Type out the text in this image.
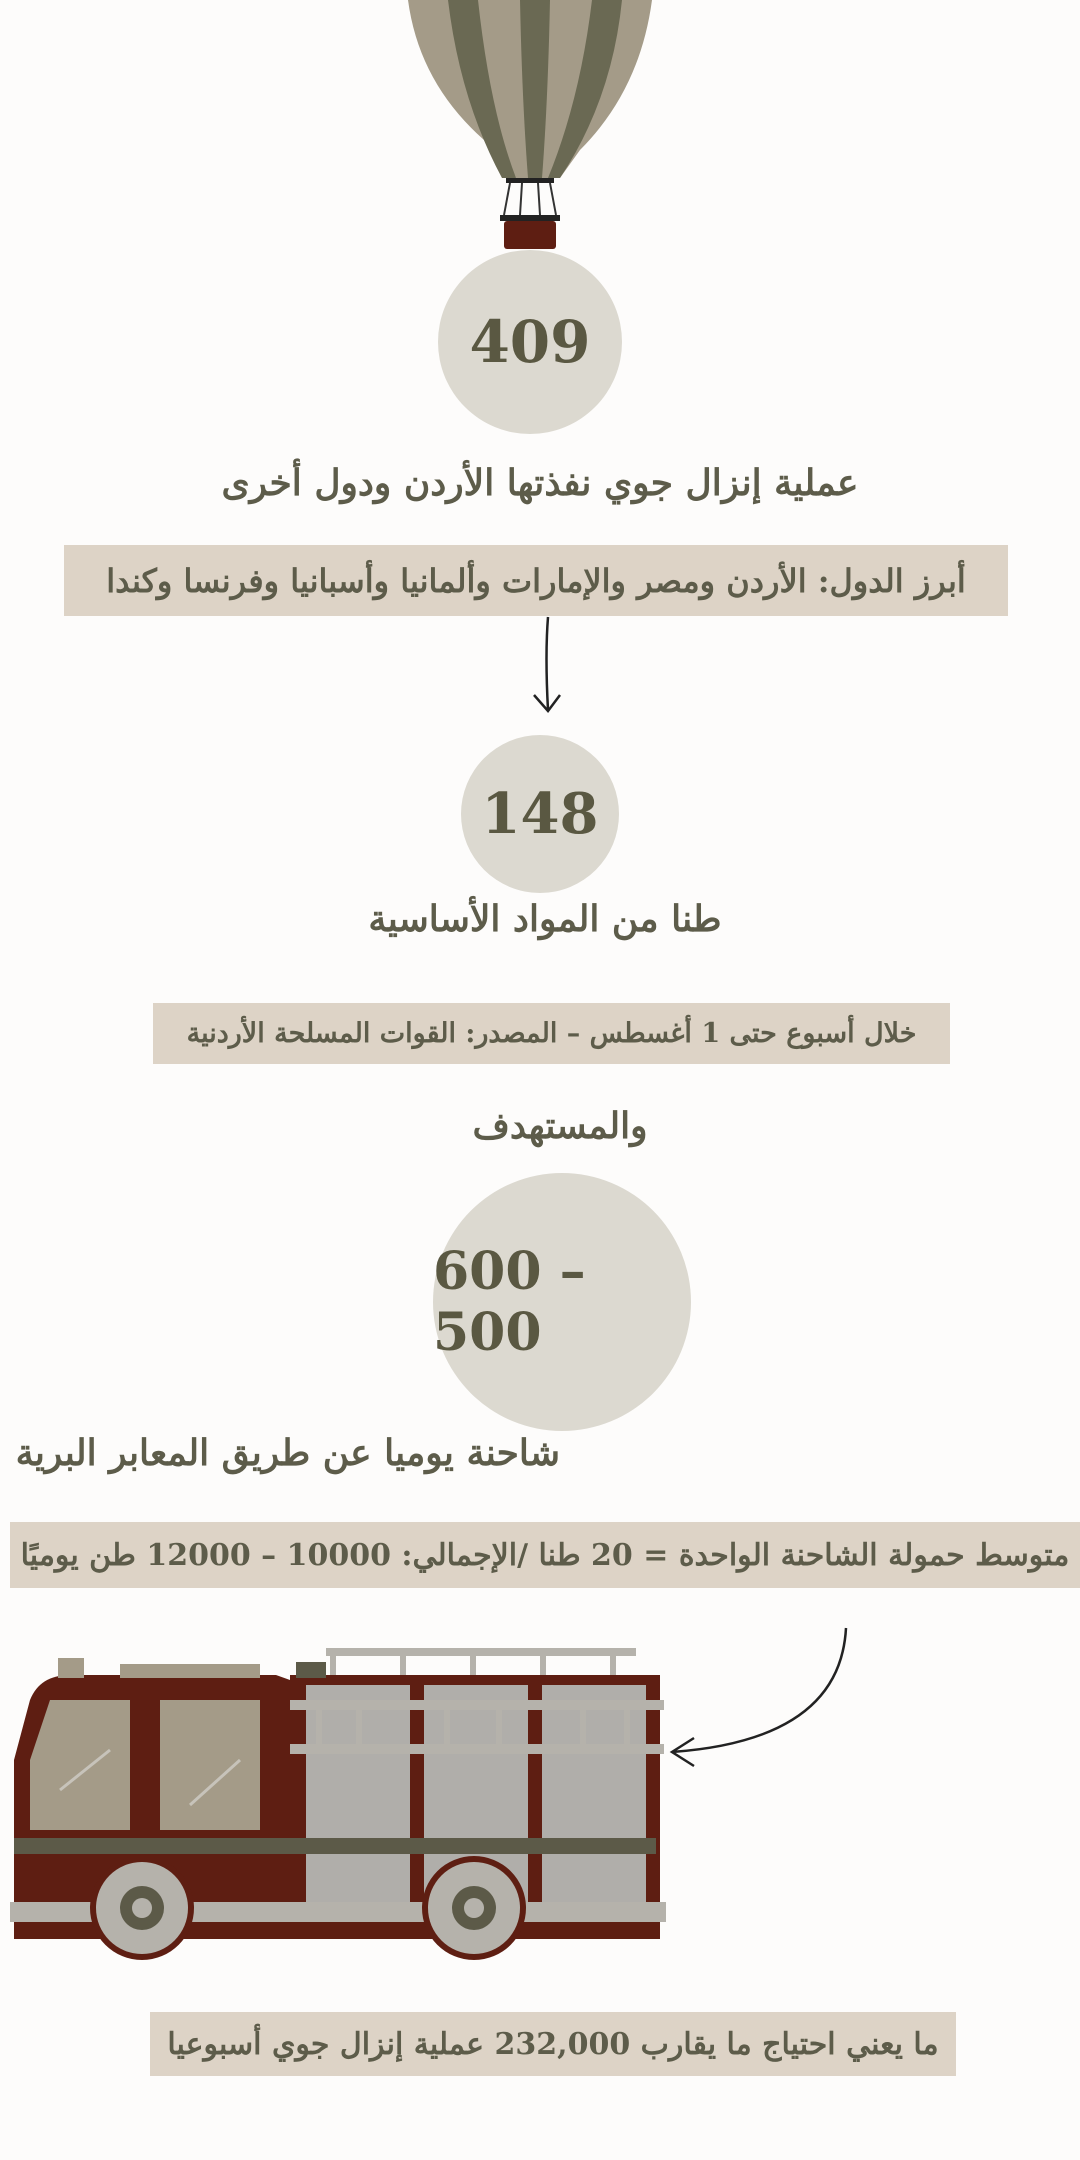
409
عملية إنزال جوي نفذتها الأردن ودول أخرى
أبرز الدول: الأردن ومصر والإمارات وألمانيا وأسبانيا وفرنسا وكندا
148
طنا من المواد الأساسية
خلال أسبوع حتى 1 أغسطس – المصدر: القوات المسلحة الأردنية
والمستهدف
600 – 500
شاحنة يوميا عن طريق المعابر البرية
متوسط حمولة الشاحنة الواحدة = 20 طنا /الإجمالي: 10000 – 12000 طن يوميًا
ما يعني احتياج ما يقارب 232,000 عملية إنزال جوي أسبوعيا
